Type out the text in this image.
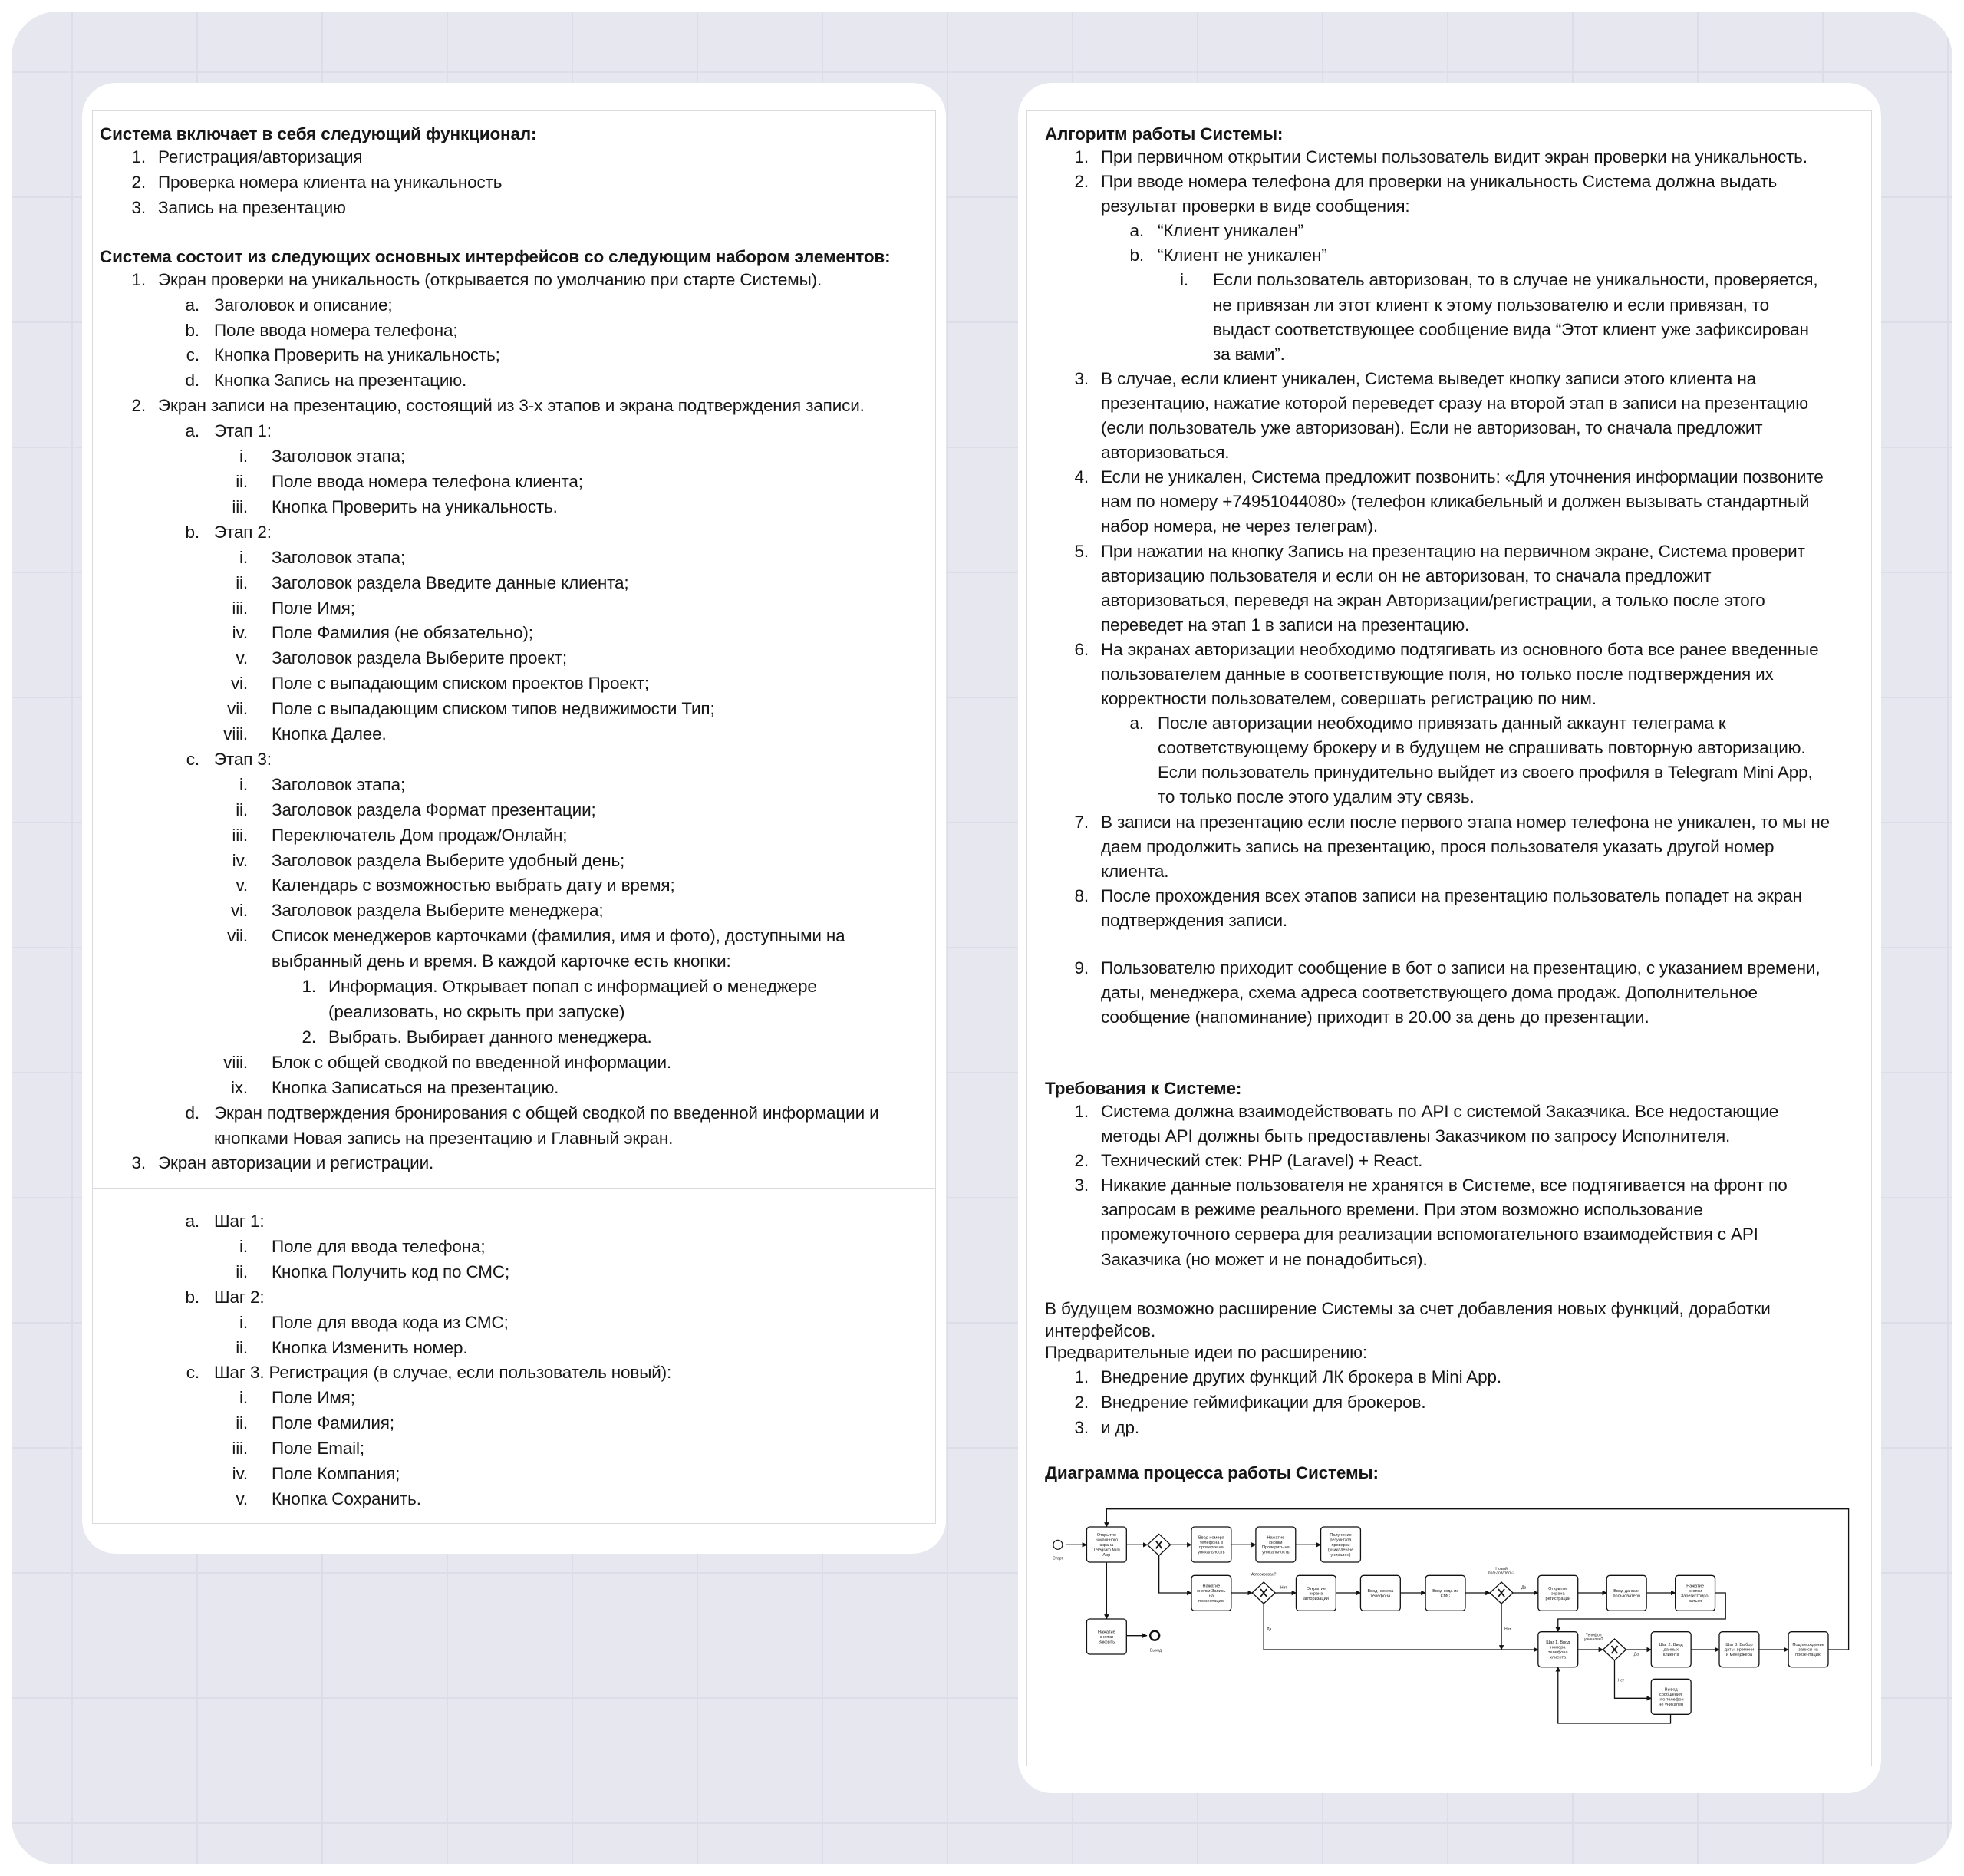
Система включает в себя следующий функционал:
1. Регистрация/авторизация
2. Проверка номера клиента на уникальность
3. Запись на презентацию
Система состоит из следующих основных интерфейсов со следующим набором элементов:
1. Экран проверки на уникальность (открывается по умолчанию при старте Системы).
a. Заголовок и описание;
b. Поле ввода номера телефона;
c. Кнопка Проверить на уникальность;
d. Кнопка Запись на презентацию.
2. Экран записи на презентацию, состоящий из 3-х этапов и экрана подтверждения записи.
a. Этап 1:
i. Заголовок этапа;
ii. Поле ввода номера телефона клиента;
iii. Кнопка Проверить на уникальность.
b. Этап 2:
i. Заголовок этапа;
ii. Заголовок раздела Введите данные клиента;
iii. Поле Имя;
iv. Поле Фамилия (не обязательно);
v. Заголовок раздела Выберите проект;
vi. Поле с выпадающим списком проектов Проект;
vii. Поле с выпадающим списком типов недвижимости Тип;
viii. Кнопка Далее.
c. Этап 3:
i. Заголовок этапа;
ii. Заголовок раздела Формат презентации;
iii. Переключатель Дом продаж/Онлайн;
iv. Заголовок раздела Выберите удобный день;
v. Календарь с возможностью выбрать дату и время;
vi. Заголовок раздела Выберите менеджера;
vii. Список менеджеров карточками (фамилия, имя и фото), доступными на
выбранный день и время. В каждой карточке есть кнопки:
1. Информация. Открывает попап с информацией о менеджере
(реализовать, но скрыть при запуске)
2. Выбрать. Выбирает данного менеджера.
viii. Блок с общей сводкой по введенной информации.
ix. Кнопка Записаться на презентацию.
d. Экран подтверждения бронирования с общей сводкой по введенной информации и
кнопками Новая запись на презентацию и Главный экран.
3. Экран авторизации и регистрации.
a. Шаг 1:
i. Поле для ввода телефона;
ii. Кнопка Получить код по СМС;
b. Шаг 2:
i. Поле для ввода кода из СМС;
ii. Кнопка Изменить номер.
c. Шаг 3. Регистрация (в случае, если пользователь новый):
i. Поле Имя;
ii. Поле Фамилия;
iii. Поле Email;
iv. Поле Компания;
v. Кнопка Сохранить.
Алгоритм работы Системы:
1. При первичном открытии Системы пользователь видит экран проверки на уникальность.
2. При вводе номера телефона для проверки на уникальность Система должна выдать
результат проверки в виде сообщения:
a. “Клиент уникален”
b. “Клиент не уникален”
i. Если пользователь авторизован, то в случае не уникальности, проверяется,
не привязан ли этот клиент к этому пользователю и если привязан, то
выдаст соответствующее сообщение вида “Этот клиент уже зафиксирован
за вами”.
3. В случае, если клиент уникален, Система выведет кнопку записи этого клиента на
презентацию, нажатие которой переведет сразу на второй этап в записи на презентацию
(если пользователь уже авторизован). Если не авторизован, то сначала предложит
авторизоваться.
4. Если не уникален, Система предложит позвонить: «Для уточнения информации позвоните
нам по номеру +74951044080» (телефон кликабельный и должен вызывать стандартный
набор номера, не через телеграм).
5. При нажатии на кнопку Запись на презентацию на первичном экране, Система проверит
авторизацию пользователя и если он не авторизован, то сначала предложит
авторизоваться, переведя на экран Авторизации/регистрации, а только после этого
переведет на этап 1 в записи на презентацию.
6. На экранах авторизации необходимо подтягивать из основного бота все ранее введенные
пользователем данные в соответствующие поля, но только после подтверждения их
корректности пользователем, совершать регистрацию по ним.
a. После авторизации необходимо привязать данный аккаунт телеграма к
соответствующему брокеру и в будущем не спрашивать повторную авторизацию.
Если пользователь принудительно выйдет из своего профиля в Telegram Mini App,
то только после этого удалим эту связь.
7. В записи на презентацию если после первого этапа номер телефона не уникален, то мы не
даем продолжить запись на презентацию, прося пользователя указать другой номер
клиента.
8. После прохождения всех этапов записи на презентацию пользователь попадет на экран
подтверждения записи.
9. Пользователю приходит сообщение в бот о записи на презентацию, с указанием времени,
даты, менеджера, схема адреса соответствующего дома продаж. Дополнительное
сообщение (напоминание) приходит в 20.00 за день до презентации.
Требования к Системе:
1. Система должна взаимодействовать по API с системой Заказчика. Все недостающие
методы API должны быть предоставлены Заказчиком по запросу Исполнителя.
2. Технический стек: PHP (Laravel) + React.
3. Никакие данные пользователя не хранятся в Системе, все подтягивается на фронт по
запросам в режиме реального времени. При этом возможно использование
промежуточного сервера для реализации вспомогательного взаимодействия с API
Заказчика (но может и не понадобиться).
В будущем возможно расширение Системы за счет добавления новых функций, доработки
интерфейсов.
Предварительные идеи по расширению:
1. Внедрение других функций ЛК брокера в Mini App.
2. Внедрение геймификации для брокеров.
3. и др.
Диаграмма процесса работы Системы:
Открытие начального экрана Telegram Mini App
Ввод номера телефона в проверке на уникальность
Нажатие кнопки Проверить на уникальность
Получение результата проверки (уникален/не уникален)
Нажатие кнопки Запись на презентацию
Открытие экрана авторизации
Ввод номера телефона
Ввод кода из СМС
Открытие экрана регистрации
Ввод данных пользователя
Нажатие кнопки Зарегистриро-ваться
Нажатие кнопки Закрыть	Шаг 1. Ввод номера телефона клиента
Шаг 2. Ввод данных клиента
Шаг 3. Выбор даты, времени и менеджера
Подтверждение записи на презентацию
Вывод сообщения, что телефон не уникален
Старт
Выход
Авторизован?
Новый пользователь?
Телефон уникален?
Нет
Да
Да
Нет
Да
Нет
